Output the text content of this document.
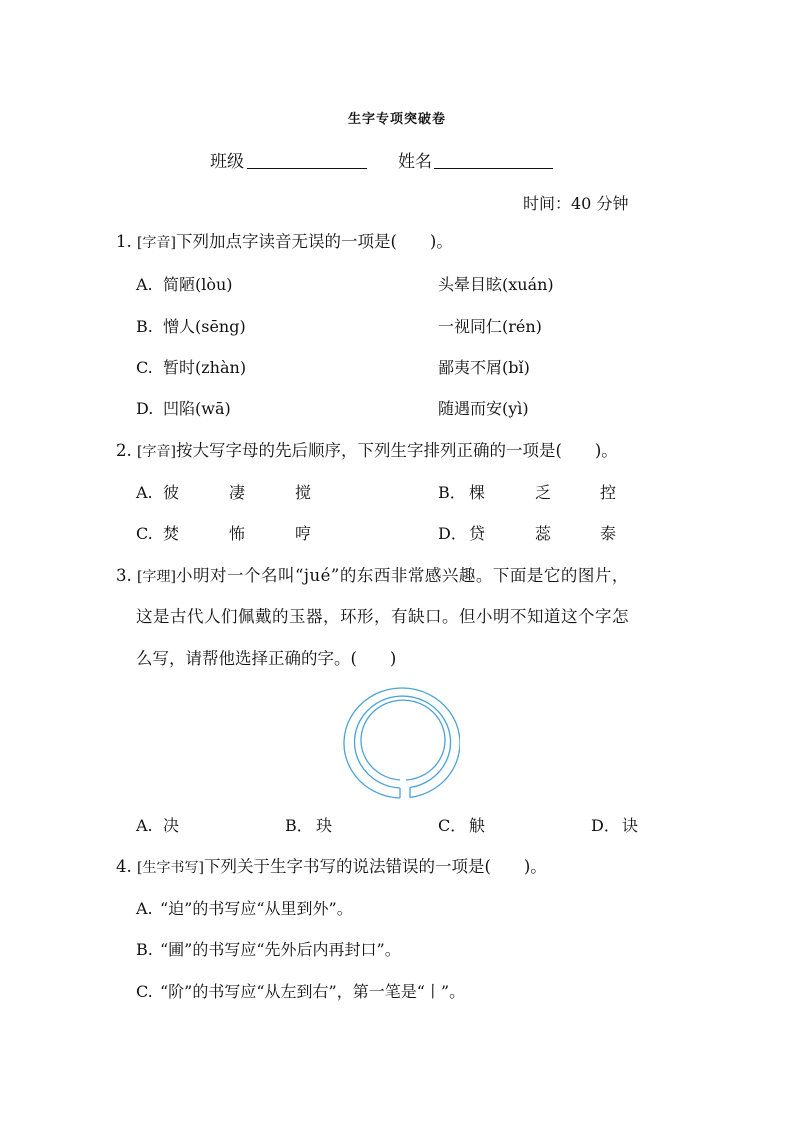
生字专项突破卷
班级	姓名
时间：40 分钟
1. [字音]下列加点字读音无误的一项是(　　)。
A. 简陋(lòu)	头晕目眩(xuán)
B. 憎人(sēng)	一视同仁(rén)
C. 暂时(zhàn)	鄙夷不屑(bǐ)
D. 凹陷(wā)	随遇而安(yì)
2. [字音]按大写字母的先后顺序，下列生字排列正确的一项是(　　)。
A. 彼	凄	搅	B． 棵	乏	控
C. 焚	怖	哼	D． 贷	蕊	泰
3. [字理]小明对一个名叫“jué”的东西非常感兴趣。下面是它的图片，
这是古代人们佩戴的玉器，环形，有缺口。但小明不知道这个字怎
么写，请帮他选择正确的字。(　　)
A. 决	B． 玦	C． 觖	D． 诀
4. [生字书写]下列关于生字书写的说法错误的一项是(　　)。
A. “迫”的书写应“从里到外”。
B. “圃”的书写应“先外后内再封口”。
C. “阶”的书写应“从左到右”，第一笔是“丨”。
